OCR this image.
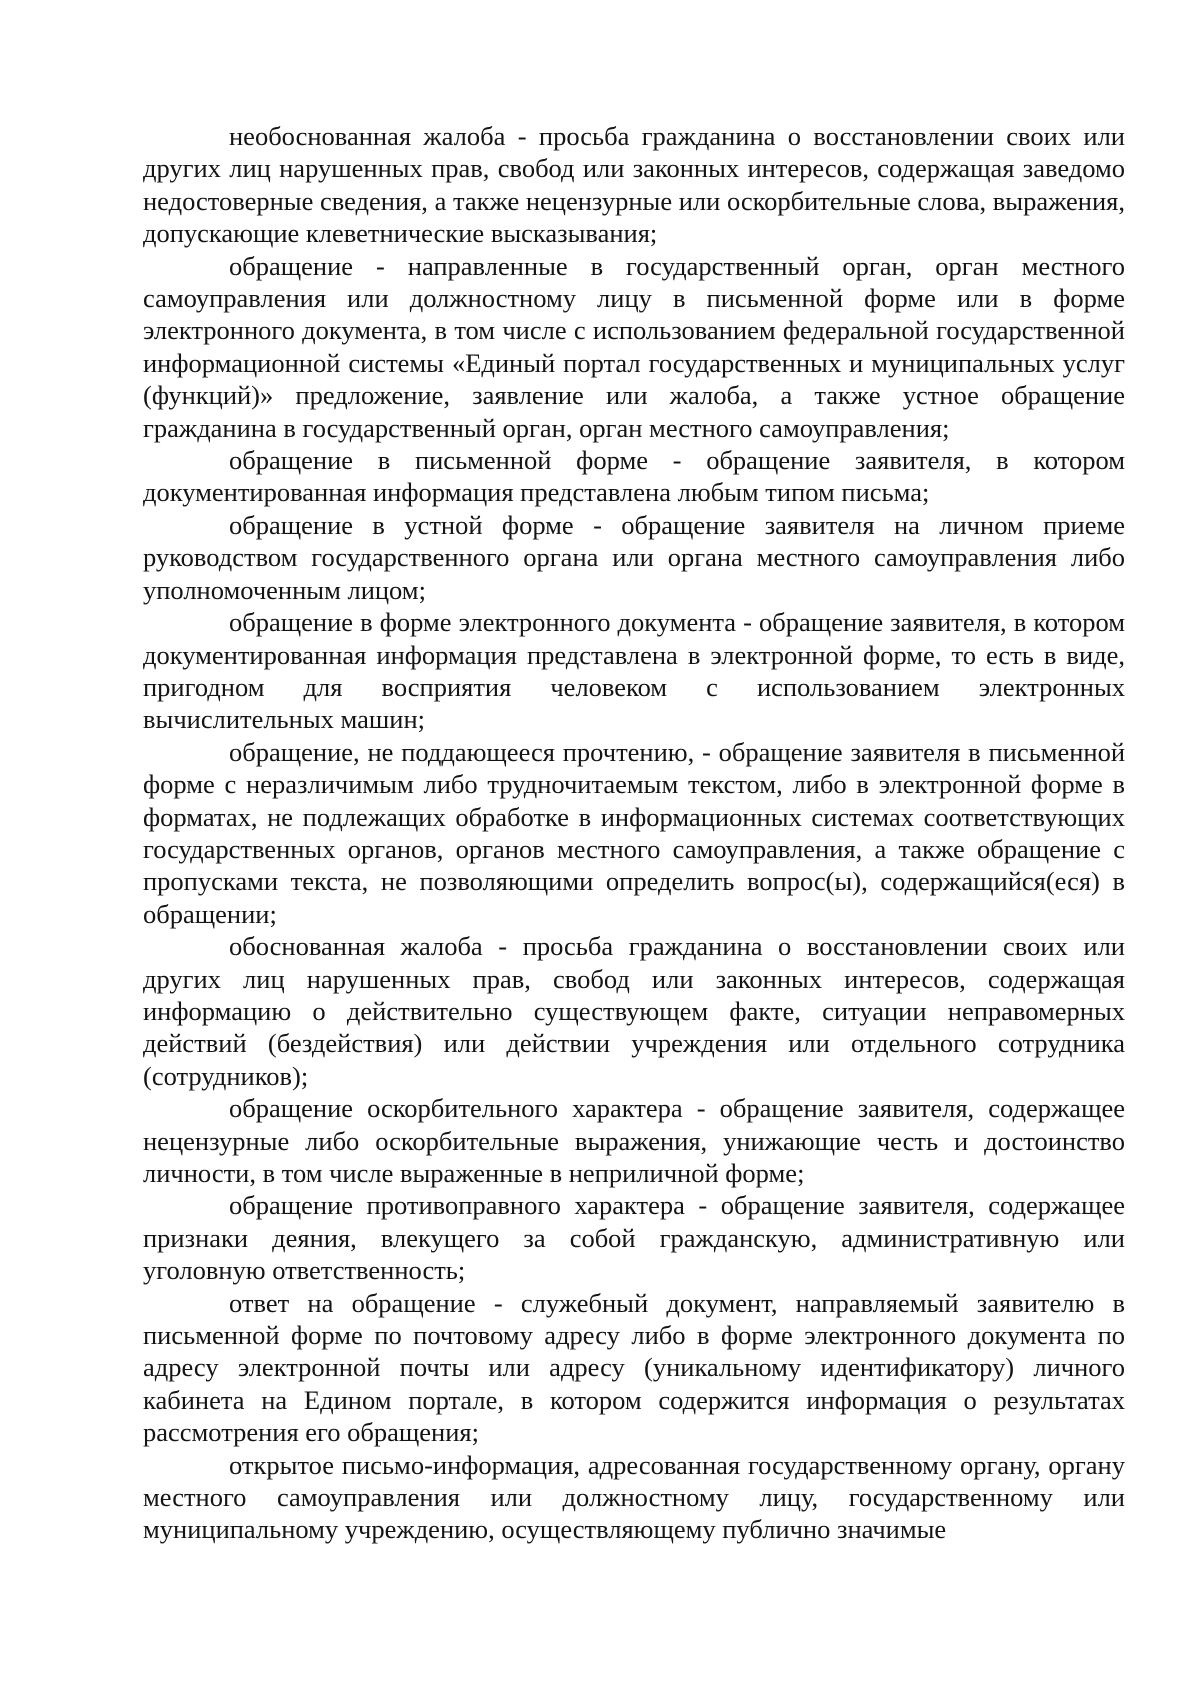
необоснованная жалоба - просьба гражданина о восстановлении своих или других лиц нарушенных прав, свобод или законных интересов, содержащая заведомо недостоверные сведения, а также нецензурные или оскорбительные слова, выражения, допускающие клеветнические высказывания;

обращение - направленные в государственный орган, орган местного самоуправления или должностному лицу в письменной форме или в форме электронного документа, в том числе с использованием федеральной государственной информационной системы «Единый портал государственных и муниципальных услуг (функций)» предложение, заявление или жалоба, а также устное обращение гражданина в государственный орган, орган местного самоуправления;

обращение в письменной форме - обращение заявителя, в котором документированная информация представлена любым типом письма;

обращение в устной форме - обращение заявителя на личном приеме руководством государственного органа или органа местного самоуправления либо уполномоченным лицом;

обращение в форме электронного документа - обращение заявителя, в котором документированная информация представлена в электронной форме, то есть в виде, пригодном для восприятия человеком с использованием электронных вычислительных машин;

обращение, не поддающееся прочтению, - обращение заявителя в письменной форме с неразличимым либо трудночитаемым текстом, либо в электронной форме в форматах, не подлежащих обработке в информационных системах соответствующих государственных органов, органов местного самоуправления, а также обращение с пропусками текста, не позволяющими определить вопрос(ы), содержащийся(еся) в обращении;

обоснованная жалоба - просьба гражданина о восстановлении своих или других лиц нарушенных прав, свобод или законных интересов, содержащая информацию о действительно существующем факте, ситуации неправомерных действий (бездействия) или действии учреждения или отдельного сотрудника (сотрудников);

обращение оскорбительного характера - обращение заявителя, содержащее нецензурные либо оскорбительные выражения, унижающие честь и достоинство личности, в том числе выраженные в неприличной форме;

обращение противоправного характера - обращение заявителя, содержащее признаки деяния, влекущего за собой гражданскую, административную или уголовную ответственность;

ответ на обращение - служебный документ, направляемый заявителю в письменной форме по почтовому адресу либо в форме электронного документа по адресу электронной почты или адресу (уникальному идентификатору) личного кабинета на Едином портале, в котором содержится информация о результатах рассмотрения его обращения;

открытое письмо-информация, адресованная государственному органу, органу местного самоуправления или должностному лицу, государственному или муниципальному учреждению, осуществляющему публично значимые
